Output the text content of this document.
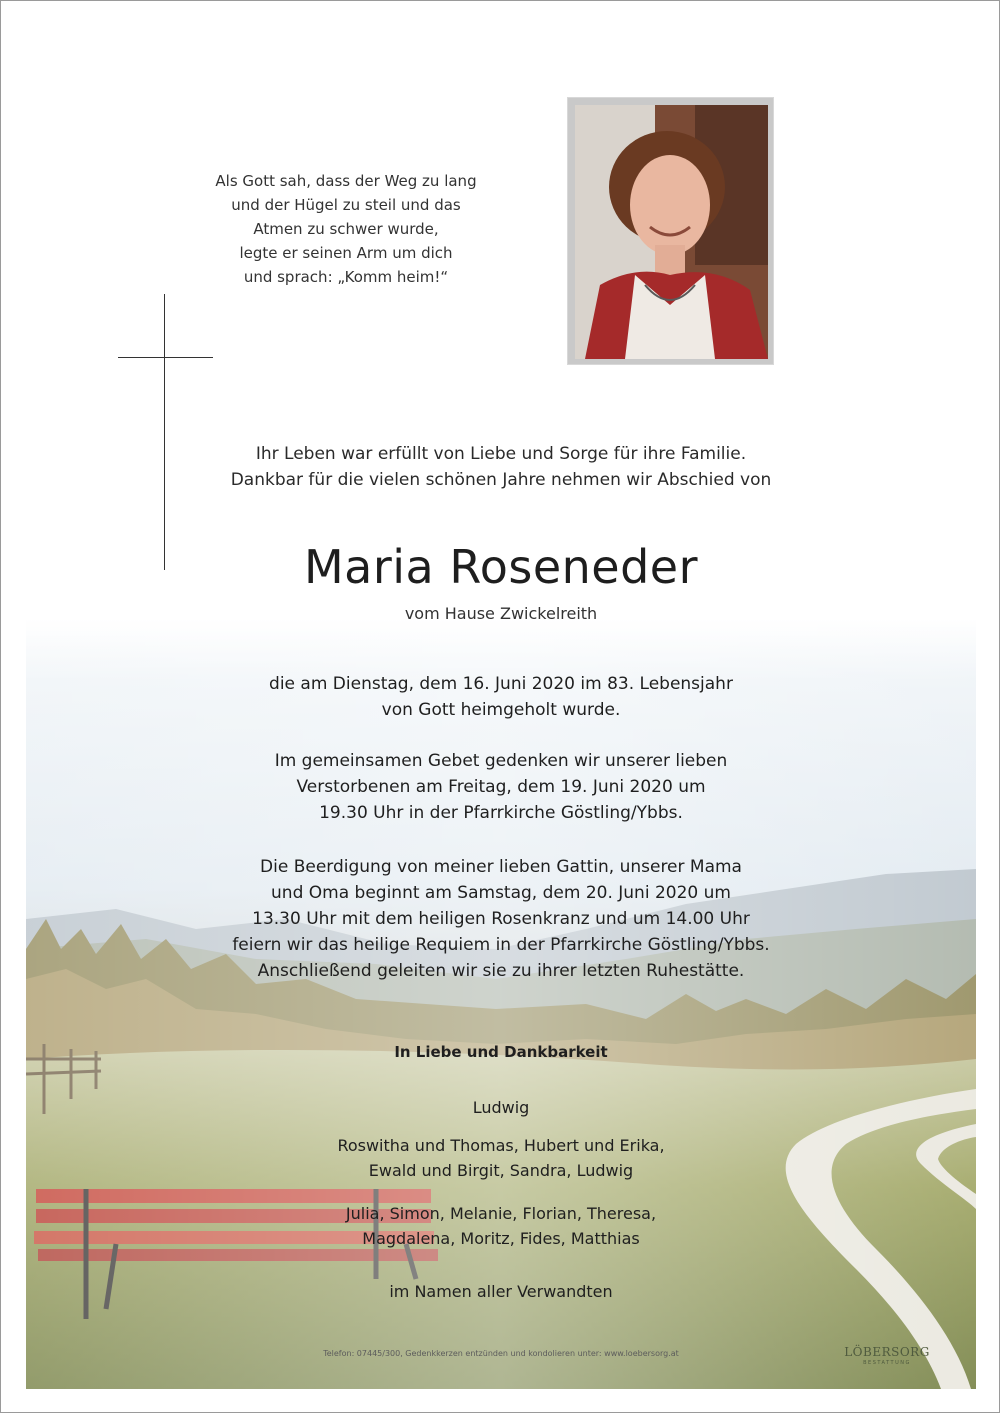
Als Gott sah, dass der Weg zu lang
und der Hügel zu steil und das
Atmen zu schwer wurde,
legte er seinen Arm um dich
und sprach: „Komm heim!“
Ihr Leben war erfüllt von Liebe und Sorge für ihre Familie.
Dankbar für die vielen schönen Jahre nehmen wir Abschied von
Maria Roseneder
vom Hause Zwickelreith
die am Dienstag, dem 16. Juni 2020 im 83. Lebensjahr
von Gott heimgeholt wurde.
Im gemeinsamen Gebet gedenken wir unserer lieben
Verstorbenen am Freitag, dem 19. Juni 2020 um
19.30 Uhr in der Pfarrkirche Göstling/Ybbs.
Die Beerdigung von meiner lieben Gattin, unserer Mama
und Oma beginnt am Samstag, dem 20. Juni 2020 um
13.30 Uhr mit dem heiligen Rosenkranz und um 14.00 Uhr
feiern wir das heilige Requiem in der Pfarrkirche Göstling/Ybbs.
Anschließend geleiten wir sie zu ihrer letzten Ruhestätte.
In Liebe und Dankbarkeit
Ludwig
Roswitha und Thomas, Hubert und Erika,
Ewald und Birgit, Sandra, Ludwig
Julia, Simon, Melanie, Florian, Theresa,
Magdalena, Moritz, Fides, Matthias
im Namen aller Verwandten
Telefon: 07445/300, Gedenkkerzen entzünden und kondolieren unter: www.loebersorg.at	LÖBERSORG
BESTATTUNG
